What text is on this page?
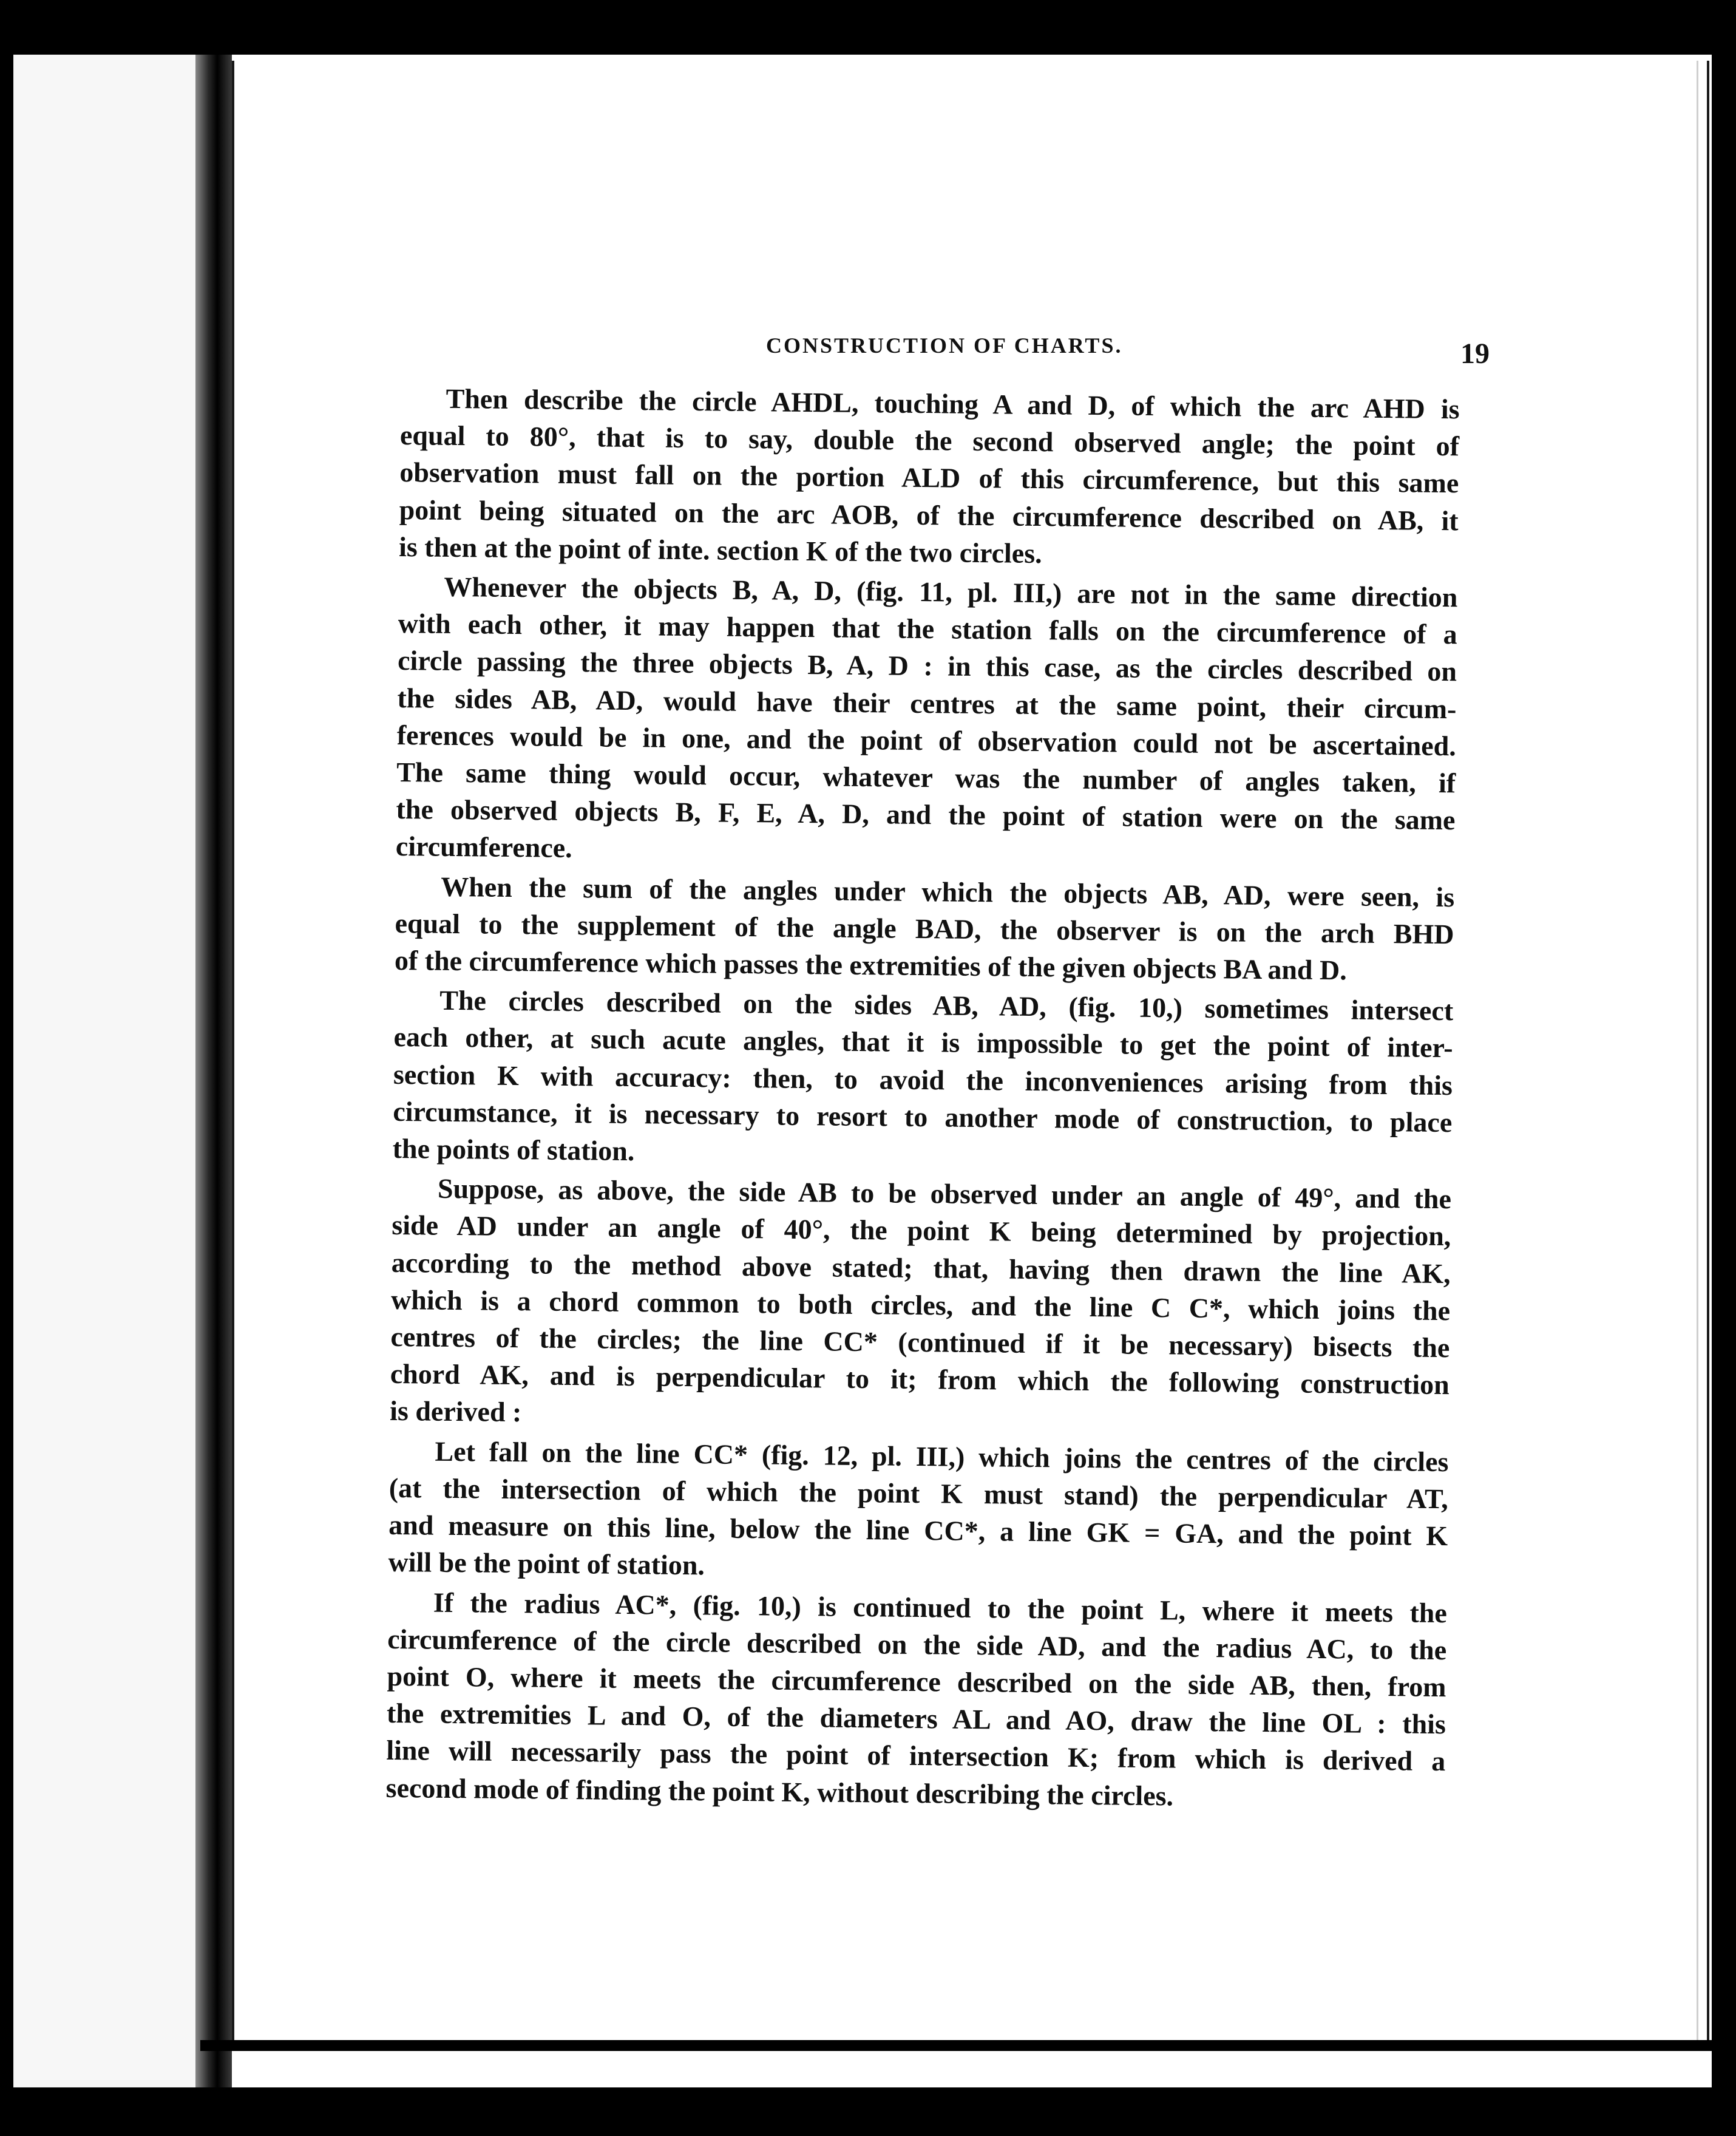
CONSTRUCTION OF CHARTS.	19
Then describe the circle AHDL, touching A and D, of which the arc AHD is
equal to 80°, that is to say, double the second observed angle; the point of
observation must fall on the portion ALD of this circumference, but this same
point being situated on the arc AOB, of the circumference described on AB, it
is then at the point of inte. section K of the two circles.
Whenever the objects B, A, D, (fig. 11, pl. III,) are not in the same direction
with each other, it may happen that the station falls on the circumference of a
circle passing the three objects B, A, D : in this case, as the circles described on
the sides AB, AD, would have their centres at the same point, their circum-
ferences would be in one, and the point of observation could not be ascertained.
The same thing would occur, whatever was the number of angles taken, if
the observed objects B, F, E, A, D, and the point of station were on the same
circumference.
When the sum of the angles under which the objects AB, AD, were seen, is
equal to the supplement of the angle BAD, the observer is on the arch BHD
of the circumference which passes the extremities of the given objects BA and D.
The circles described on the sides AB, AD, (fig. 10,) sometimes intersect
each other, at such acute angles, that it is impossible to get the point of inter-
section K with accuracy: then, to avoid the inconveniences arising from this
circumstance, it is necessary to resort to another mode of construction, to place
the points of station.
Suppose, as above, the side AB to be observed under an angle of 49°, and the
side AD under an angle of 40°, the point K being determined by projection,
according to the method above stated; that, having then drawn the line AK,
which is a chord common to both circles, and the line C C*, which joins the
centres of the circles; the line CC* (continued if it be necessary) bisects the
chord AK, and is perpendicular to it; from which the following construction
is derived :
Let fall on the line CC* (fig. 12, pl. III,) which joins the centres of the circles
(at the intersection of which the point K must stand) the perpendicular AT,
and measure on this line, below the line CC*, a line GK = GA, and the point K
will be the point of station.
If the radius AC*, (fig. 10,) is continued to the point L, where it meets the
circumference of the circle described on the side AD, and the radius AC, to the
point O, where it meets the circumference described on the side AB, then, from
the extremities L and O, of the diameters AL and AO, draw the line OL : this
line will necessarily pass the point of intersection K; from which is derived a
second mode of finding the point K, without describing the circles.
